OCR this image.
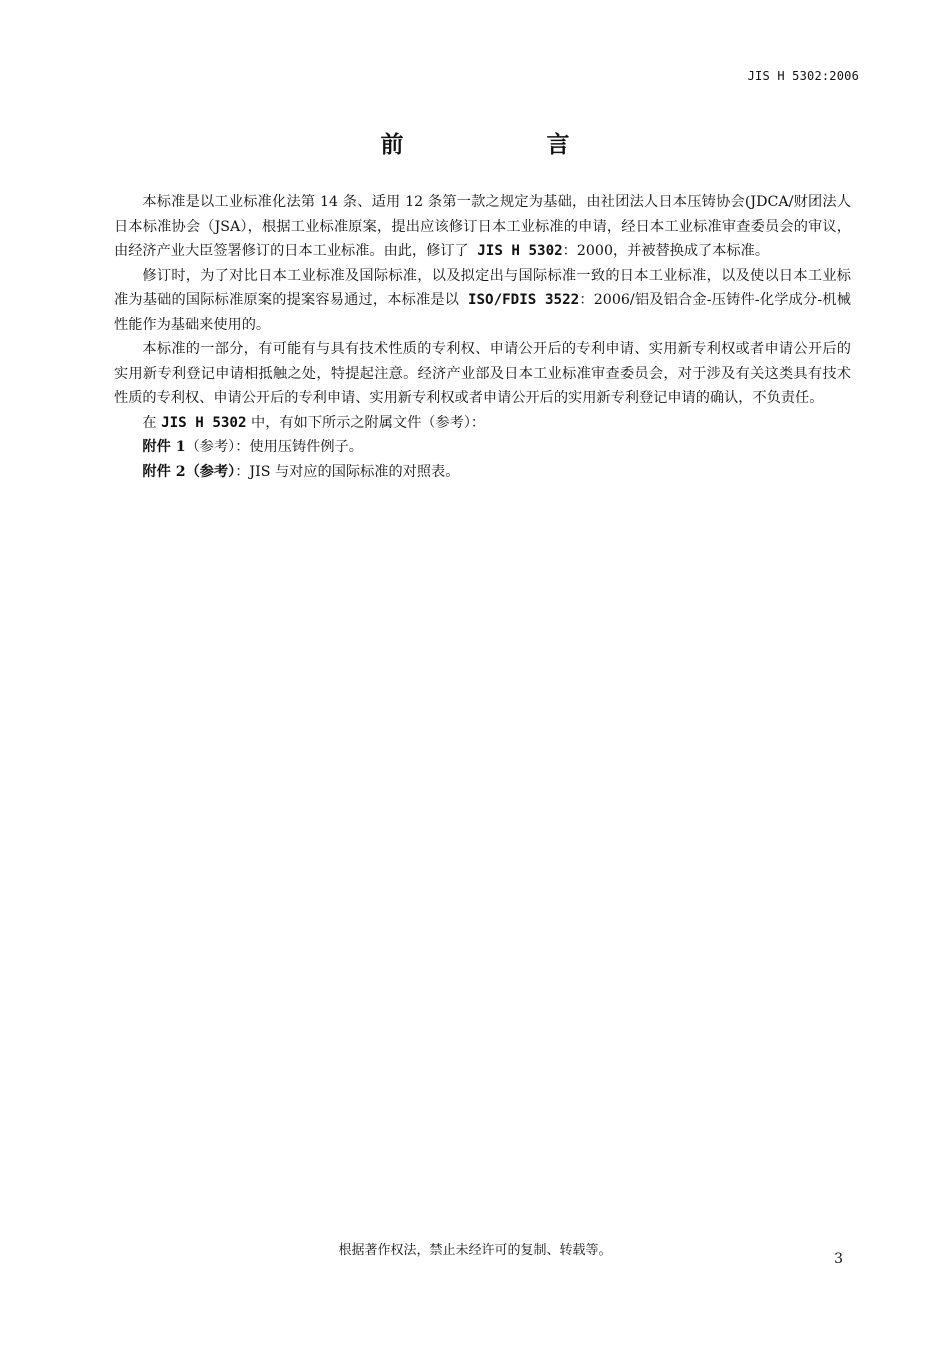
JIS H 5302:2006
前　言

本标准是以工业标准化法第 14 条、适用 12 条第一款之规定为基础，由社团法人日本压铸协会(JDCA/财团法人日本标准协会（JSA），根据工业标准原案，提出应该修订日本工业标准的申请，经日本工业标准审查委员会的审议，由经济产业大臣签署修订的日本工业标准。由此，修订了 JIS H 5302：2000，并被替换成了本标准。

修订时，为了对比日本工业标准及国际标准，以及拟定出与国际标准一致的日本工业标准，以及使以日本工业标准为基础的国际标准原案的提案容易通过，本标准是以 ISO/FDIS 3522：2006/铝及铝合金-压铸件-化学成分-机械性能作为基础来使用的。

本标准的一部分，有可能有与具有技术性质的专利权、申请公开后的专利申请、实用新专利权或者申请公开后的实用新专利登记申请相抵触之处，特提起注意。经济产业部及日本工业标准审查委员会，对于涉及有关这类具有技术性质的专利权、申请公开后的专利申请、实用新专利权或者申请公开后的实用新专利登记申请的确认，不负责任。

在 JIS H 5302 中，有如下所示之附属文件（参考）：

附件 1（参考）：使用压铸件例子。

附件 2（参考）：JIS 与对应的国际标准的对照表。

根据著作权法，禁止未经许可的复制、转载等。
3
